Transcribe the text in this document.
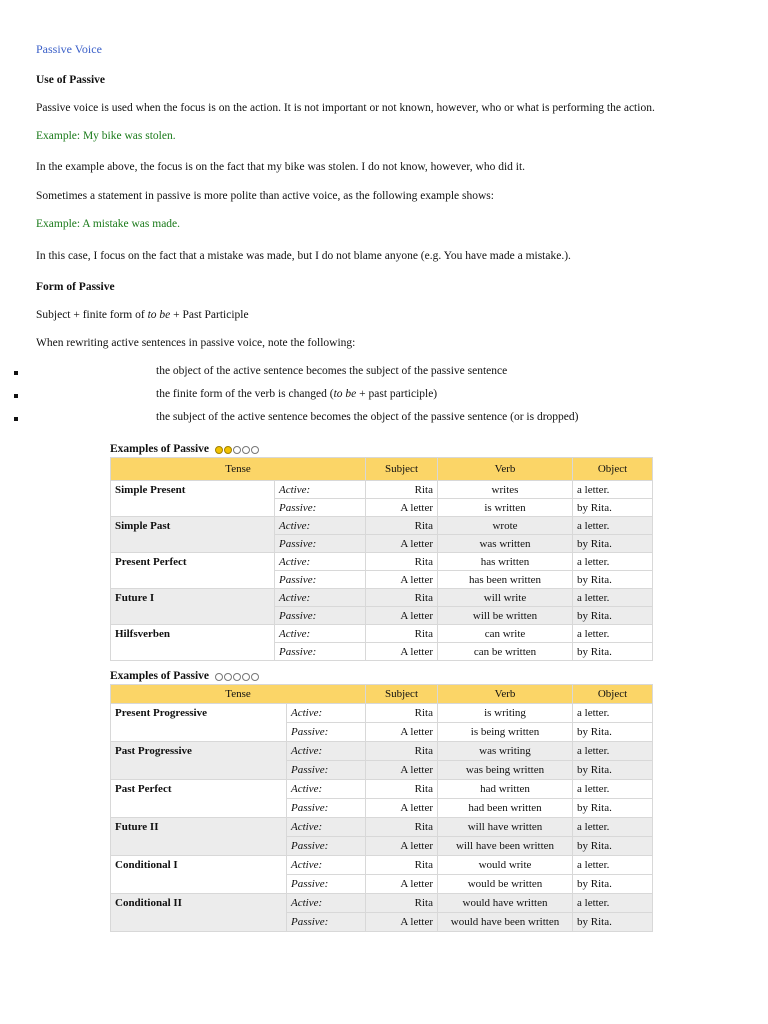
Passive Voice
Use of Passive
Passive voice is used when the focus is on the action. It is not important or not known, however, who or what is performing the action.
Example: My bike was stolen.
In the example above, the focus is on the fact that my bike was stolen. I do not know, however, who did it.
Sometimes a statement in passive is more polite than active voice, as the following example shows:
Example: A mistake was made.
In this case, I focus on the fact that a mistake was made, but I do not blame anyone (e.g. You have made a mistake.).
Form of Passive
Subject + finite form of to be + Past Participle
When rewriting active sentences in passive voice, note the following:
the object of the active sentence becomes the subject of the passive sentence
the finite form of the verb is changed (to be + past participle)
the subject of the active sentence becomes the object of the passive sentence (or is dropped)
Examples of Passive
Tense		Subject	Verb	Object
Simple Present	Active:	Rita	writes	a letter.
	Passive:	A letter	is written	by Rita.
Simple Past	Active:	Rita	wrote	a letter.
	Passive:	A letter	was written	by Rita.
Present Perfect	Active:	Rita	has written	a letter.
	Passive:	A letter	has been written	by Rita.
Future I	Active:	Rita	will write	a letter.
	Passive:	A letter	will be written	by Rita.
Hilfsverben	Active:	Rita	can write	a letter.
	Passive:	A letter	can be written	by Rita.
Examples of Passive
Tense		Subject	Verb	Object
Present Progressive	Active:	Rita	is writing	a letter.
	Passive:	A letter	is being written	by Rita.
Past Progressive	Active:	Rita	was writing	a letter.
	Passive:	A letter	was being written	by Rita.
Past Perfect	Active:	Rita	had written	a letter.
	Passive:	A letter	had been written	by Rita.
Future II	Active:	Rita	will have written	a letter.
	Passive:	A letter	will have been written	by Rita.
Conditional I	Active:	Rita	would write	a letter.
	Passive:	A letter	would be written	by Rita.
Conditional II	Active:	Rita	would have written	a letter.
	Passive:	A letter	would have been written	by Rita.
